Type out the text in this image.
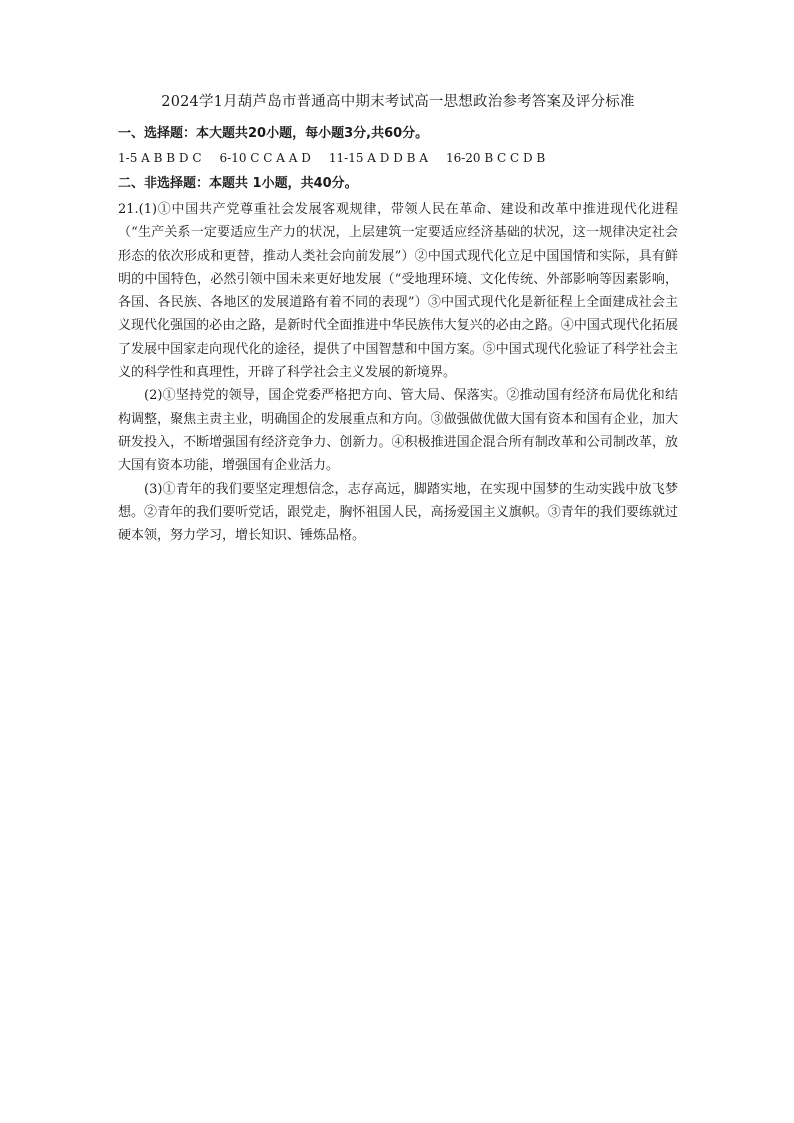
2024学1月葫芦岛市普通高中期末考试高一思想政治参考答案及评分标准
一、选择题：本大题共20小题，每小题3分,共60分。
1-5 A B B D C 6-10 C C A A D 11-15 A D D B A 16-20 B C C D B
二、非选择题：本题共 1小题，共40分。

21.(1)①中国共产党尊重社会发展客观规律，带领人民在革命、建设和改革中推进现代化进程（“生产关系一定要适应生产力的状况，上层建筑一定要适应经济基础的状况，这一规律决定社会形态的依次形成和更替，推动人类社会向前发展”）②中国式现代化立足中国国情和实际，具有鲜明的中国特色，必然引领中国未来更好地发展（“受地理环境、文化传统、外部影响等因素影响，各国、各民族、各地区的发展道路有着不同的表现”）③中国式现代化是新征程上全面建成社会主义现代化强国的必由之路，是新时代全面推进中华民族伟大复兴的必由之路。④中国式现代化拓展了发展中国家走向现代化的途径，提供了中国智慧和中国方案。⑤中国式现代化验证了科学社会主义的科学性和真理性，开辟了科学社会主义发展的新境界。

(2)①坚持党的领导，国企党委严格把方向、管大局、保落实。②推动国有经济布局优化和结构调整，聚焦主责主业，明确国企的发展重点和方向。③做强做优做大国有资本和国有企业，加大研发投入，不断增强国有经济竞争力、创新力。④积极推进国企混合所有制改革和公司制改革，放大国有资本功能，增强国有企业活力。

(3)①青年的我们要坚定理想信念，志存高远，脚踏实地，在实现中国梦的生动实践中放飞梦想。②青年的我们要听党话，跟党走，胸怀祖国人民，高扬爱国主义旗帜。③青年的我们要练就过硬本领，努力学习，增长知识、锤炼品格。
